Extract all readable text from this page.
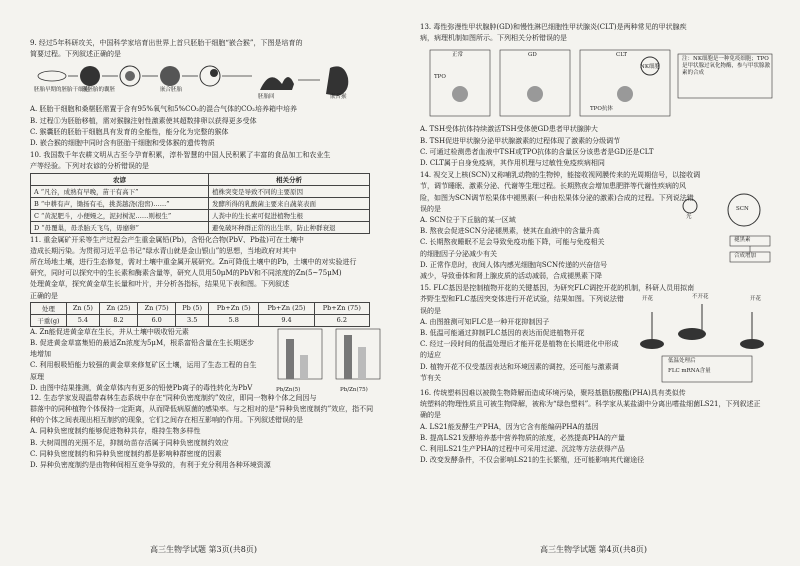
9. 经过5年科研攻关，中国科学家培育出世界上首只胚胎干细胞“嵌合猴”，下图是培育的

简要过程。下列叙述正确的是

胚胎早期的胚胎干细胞
猴胚胎的囊胚	嵌合胚胎
胚胎回	嵌合猴

A. 胚胎干细胞和桑椹胚需置于含有95%氧气和5%CO₂的混合气体的CO₂培养箱中培养

B. 过程①为胚胎移植，需对猴腺注射性激素使其超数排卵以获得更多受体

C. 猴囊胚的胚胎干细胞具有发育的全能性，能分化为完整的猴体

D. 嵌合猴的细胞中同时含有胚胎干细胞和受体猴的遗传物质

10. 我国数千年农耕文明从古至今孕育积累，淳朴智慧的中国人民积累了丰富的食品加工和农业生

产等经验。下列对农谚的分析错误的是

农谚	相关分析
A “凡谷，成熟有早晚，苗干有高下”	植株突变是导致不同的主要原因
B “中耕有声，锄扬有毛，挑粪越浇(泡窖)……”	发酵所得的乳酸菌主要来自蔬菜表面
C “黄泥肥斗，小便嫚之，泥封树泥……则根生”	人粪中的生长素可促进植物生根
D “毋覆巢，毋杀胎夭飞鸟，毋靡卵”	避免破坏种群正常的出生率，防止种群衰退

11. 重金属矿开采等生产过程会产生重金属铅(Pb)，含铅化合物(PbV、Pb盐)可在土壤中

造成长期污染。为贯彻习近平总书记“绿水青山就是金山银山”的思想，当地政府对其中

所在场地土壤，进行生态修复，需对土壤中重金属开展研究。Zn可降低土壤中的Pb，土壤中的对实验进行

研究，同时可以探究中的生长素和酶素含量等，研究人员用50μM的PbV和不同浓度的Zn(5~75μM)

处理黄金草，探究黄金草生长量和叶片，并分析各指标，结果见下表和图。下列叙述

正确的是

处理	Zn (5)	Zn (25)	Zn (75)	Pb (5)	Pb+Zn (5)	Pb+Zn (25)	Pb+Zn (75)
干重(g)	5.4	8.2	6.0	3.5	5.8	9.4	6.2

A. Zn能促进黄金草在生长，并从土壤中吸收铅元素

B. 促进黄金草富集铅的最适Zn浓度为5μM，根系富铅含量在生长期逐步地增加

C. 利用根吸铅能力较强的黄金草来修复矿区土壤，运用了生态工程的自生原理

D. 由图中结果推测，黄金草体内有更多的铅使Pb离子的毒性转化为PbV	Pb/Zn(5)	Pb/Zn(75)

12. 生态学家发现温带森林生态系统中存在“同种负密度制约”效应，即同一物种个体之间因与

群落中的同种植物个体保持一定距离，从而降低病原菌的感染率。与之相对的是“异种负密度制约”效应，指不同

种的个体之间表现出相互制约的现象，它们之间存在相互影响的作用。下列叙述错误的是

A. 同种负密度制约能够促进物种共存，维持生物多样性

B. 大树周围的光照不足，抑制幼苗存活属于同种负密度制约效应

C. 同种负密度制约和异种负密度制约都是影响种群密度的因素

D. 异种负密度制约是由物种间相互竞争导致的，有利于充分利用各种环境资源

高三生物学试题 第3页(共8页)

13. 毒性弥漫性甲状腺肿(GD)和慢性淋巴细胞性甲状腺炎(CLT)是两种常见的甲状腺疾

病，病理机制如图所示。下列相关分析错误的是

正常	GD	CLT
TPO
TPO抗体
NK细胞
注：NK细胞是一种免疫细胞；TPO是甲状腺过氧化物酶，参与甲状腺激素的合成

A. TSH受体抗体持续激活TSH受体使GD患者甲状腺肿大

B. TSH促进甲状腺分泌甲状腺激素的过程体现了激素的分级调节

C. 可通过检测患者血液中TSH或TPO抗体的含量区分该患者是GD还是CLT

D. CLT属于自身免疫病，其作用机理与过敏性免疫疾病相同

14. 视交叉上核(SCN)又称哺乳动物的生物钟，能接收视网膜传来的光周期信号，以接收调

节，调节睡眠、激素分泌、代谢等生理过程。长期熬夜会增加患肥胖等代谢性疾病的风

险，如图为SCN调节松果体中褪黑素(一种由松果体分泌的激素)合成的过程。下列说法错

误的是

A. SCN位于下丘脑的某一区域

B. 熬夜会促进SCN分泌褪黑素，使其在血液中的含量升高

C. 长期熬夜睡眠不足会导致免疫功能下降，可能与免疫相关

的细胞因子分泌减少有关

D. 正常作息时，夜间人体内感光细胞向SCN传递的兴奋信号

减少，导致垂体和肾上腺皮质的活动减弱，合成褪黑素下降

光
SCN
褪黑素
合成增加

15. FLC基因是控制植物开花的关键基因，为研究FLC调控开花的机制，科研人员用拟南

芥野生型和FLC基因突变体进行开花试验，结果如图。下列说法错

误的是

A. 由图推测可知FLC是一种开花抑制因子

B. 低温可能通过抑制FLC基因的表达而促进植物开花

C. 经过一段时间的低温处理后才能开花是植物在长期进化中形成的适应

D. 植物开花不仅受基因表达和环境因素的调控，还可能与激素调节有关

开花	不开花	开花
低温处理后
FLC mRNA含量

16. 传统塑料因难以被微生物降解而造成环境污染，聚羟基脂肪酸酯(PHA)具有类似传

统塑料的物理性质且可被生物降解，被称为“绿色塑料”。科学家从某盐湖中分离出嗜盐细菌LS21，下列叙述正

确的是

A. LS21能发酵生产PHA，因为它含有能编码PHA的基因

B. 提高LS21发酵培养基中营养物质的浓度，必然提高PHA的产量

C. 利用LS21生产PHA的过程中可采用过滤、沉淀等方法获得产品

D. 改变发酵条件，不仅会影响LS21的生长繁殖，还可能影响其代谢途径

高三生物学试题 第4页(共8页)
